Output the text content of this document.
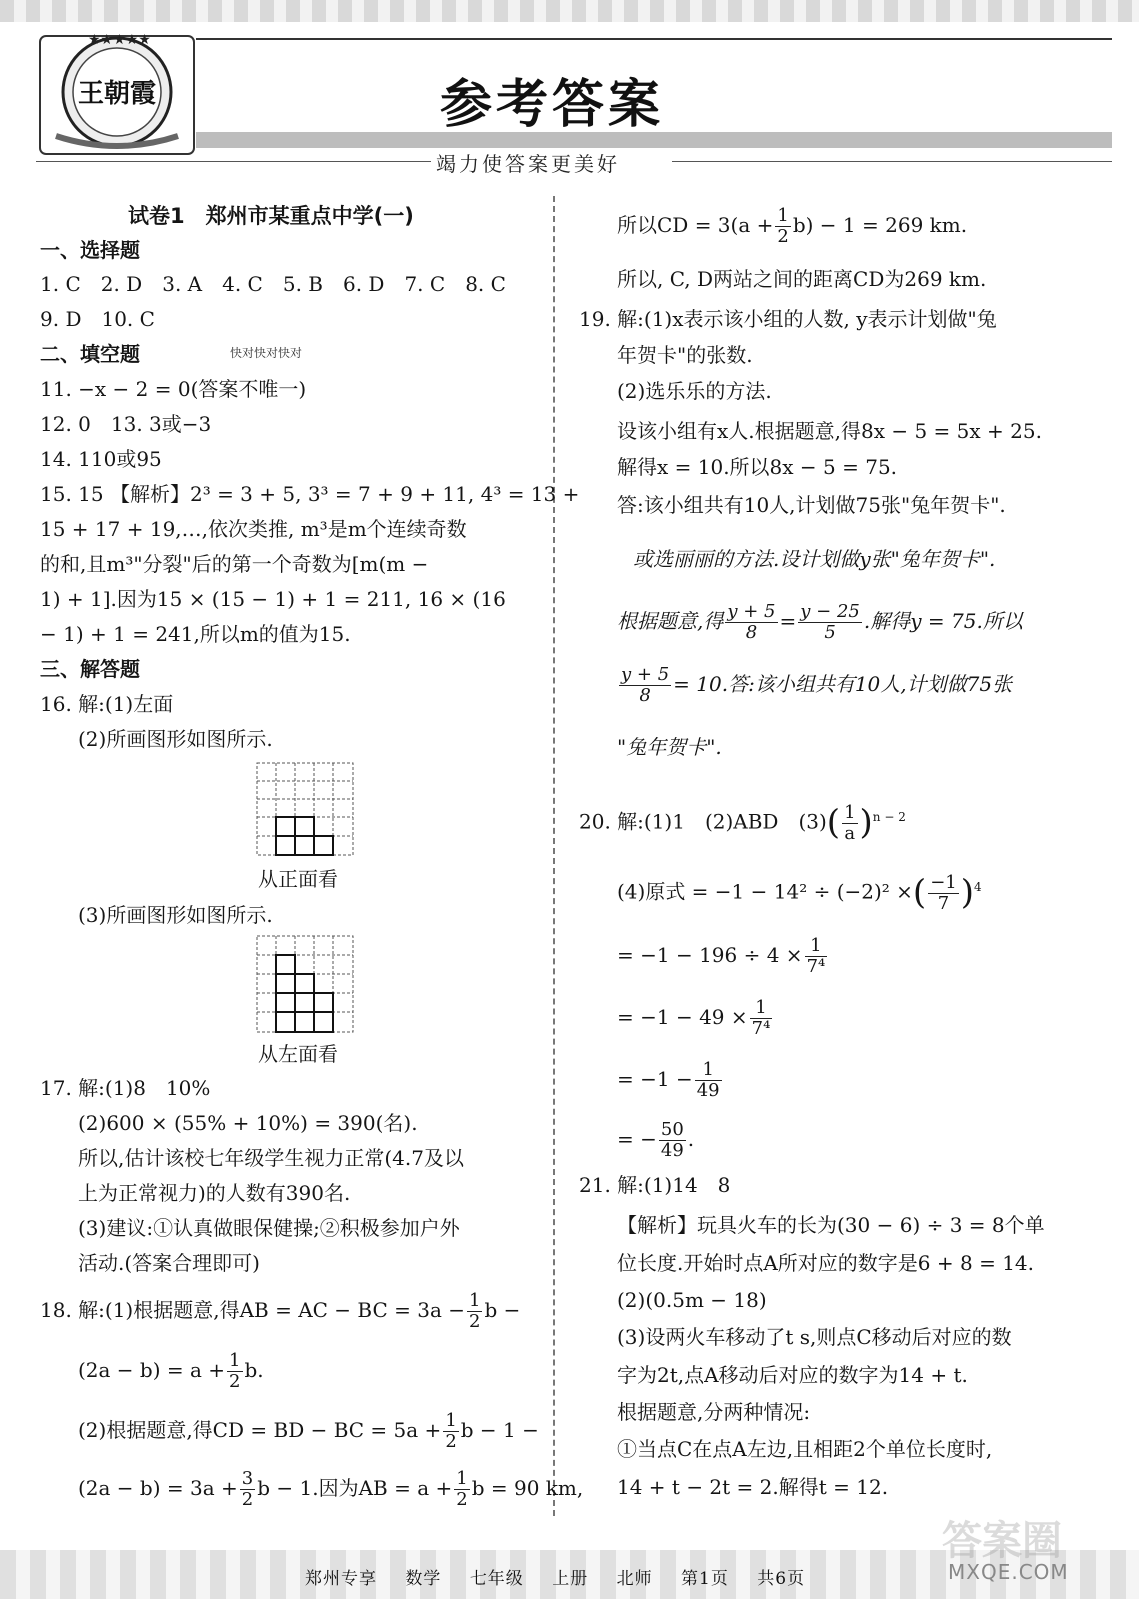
★★★★★
王朝霞	参考答案
竭力使答案更美好
试卷1　郑州市某重点中学(一)
一、选择题
1. C　2. D　3. A　4. C　5. B　6. D　7. C　8. C
9. D　10. C
二、填空题	快对快对快对
11. −x − 2 = 0(答案不唯一)
12. 0　13. 3或−3
14. 110或95
15. 15 【解析】2³ = 3 + 5, 3³ = 7 + 9 + 11, 4³ = 13 +
15 + 17 + 19,…,依次类推, m³是m个连续奇数
的和,且m³"分裂"后的第一个奇数为[m(m −
1) + 1].因为15 × (15 − 1) + 1 = 211, 16 × (16
− 1) + 1 = 241,所以m的值为15.
三、解答题
16. 解:(1)左面
(2)所画图形如图所示.
从正面看
(3)所画图形如图所示.
从左面看
17. 解:(1)8　10%
(2)600 × (55% + 10%) = 390(名).
所以,估计该校七年级学生视力正常(4.7及以
上为正常视力)的人数有390名.
(3)建议:①认真做眼保健操;②积极参加户外
活动.(答案合理即可)
18. 解:(1)根据题意,得AB = AC − BC = $3a - \frac{1}{2}$ b −
$(2a - b) = a + \frac{1}{2} b$.
(2)根据题意,得CD = BD − BC = $5a + \frac{1}{2}$ b − 1 −
$(2a - b) = 3a + \frac{3}{2}$ b − 1.因为AB = $a + \frac{1}{2}$ b = 90 km,
所以CD = $3(a + \frac{1}{2} b) - 1 = 269$ km.
所以, C, D两站之间的距离CD为269 km.
19. 解:(1)x表示该小组的人数, y表示计划做"兔
年贺卡"的张数.
(2)选乐乐的方法.
设该小组有x人.根据题意,得8x − 5 = 5x + 25.
解得x = 10.所以8x − 5 = 75.
答:该小组共有10人,计划做75张"兔年贺卡".
或选丽丽的方法.设计划做y张"兔年贺卡".
根据题意,得 $\frac{y + 5}{8} = \frac{y - 25}{5}$ .解得y = 75.所以
$\frac{y + 5}{8} = 10$.答:该小组共有10人,计划做75张
"兔年贺卡".
20. 解:(1)1　(2)ABD　$(3)( \frac{1}{a} )^{n - 2}$
(4)原式 = −1 − 14² ÷ (−2)² ×( $\frac{-1}{7} )^4$
= $-1 - 196 \div 4 \times \frac{1}{\text{7⁴}}$
= $-1 - 49 \times \frac{1}{\text{7⁴}}$
= $-1 - \frac{1}{49}$
= − $\frac{50}{49}$ .
21. 解:(1)14　8
【解析】玩具火车的长为(30 − 6) ÷ 3 = 8个单
位长度.开始时点A所对应的数字是6 + 8 = 14.
(2)(0.5m − 18)
(3)设两火车移动了t s,则点C移动后对应的数
字为2t,点A移动后对应的数字为14 + t.
根据题意,分两种情况:
①当点C在点A左边,且相距2个单位长度时,
14 + t − 2t = 2.解得t = 12.
郑州专享 数学 七年级 上册 北师 第1页 共6页
答案圈
MXQE.COM
